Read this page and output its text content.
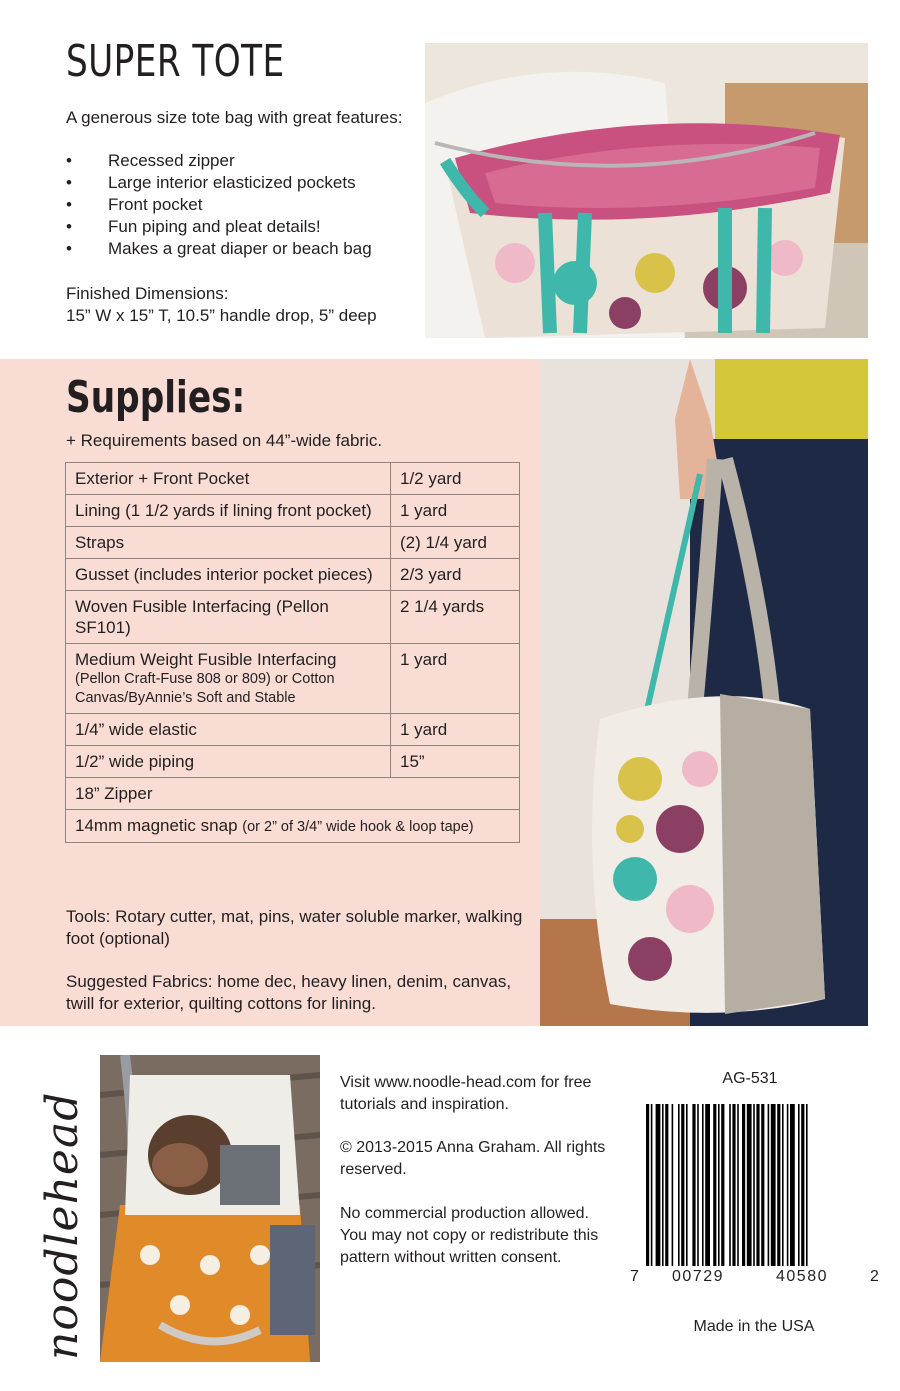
SUPER TOTE

A generous size tote bag with great features:

• Recessed zipper
• Large interior elasticized pockets
• Front pocket
• Fun piping and pleat details!
• Makes a great diaper or beach bag
Finished Dimensions:
15” W x 15” T, 10.5” handle drop, 5” deep
Supplies:

+ Requirements based on 44”-wide fabric.

Exterior + Front Pocket	1/2 yard
Lining (1 1/2 yards if lining front pocket)	1 yard
Straps	(2) 1/4 yard
Gusset (includes interior pocket pieces)	2/3 yard
Woven Fusible Interfacing (Pellon SF101)	2 1/4 yards

Medium Weight Fusible Interfacing
(Pellon Craft-Fuse 808 or 809) or Cotton Canvas/ByAnnie’s Soft and Stable	1 yard
1/4” wide elastic	1 yard
1/2” wide piping	15”
18” Zipper	
14mm magnetic snap (or 2” of 3/4” wide hook & loop tape)	

Tools: Rotary cutter, mat, pins, water soluble marker, walking foot (optional)

Suggested Fabrics: home dec, heavy linen, denim, canvas, twill for exterior, quilting cottons for lining.

noodlehead

Visit www.noodle-head.com for free tutorials and inspiration.

© 2013-2015 Anna Graham. All rights reserved.

No commercial production allowed. You may not copy or redistribute this pattern without written consent.

AG-531
7 00729	40580	2
Made in the USA
